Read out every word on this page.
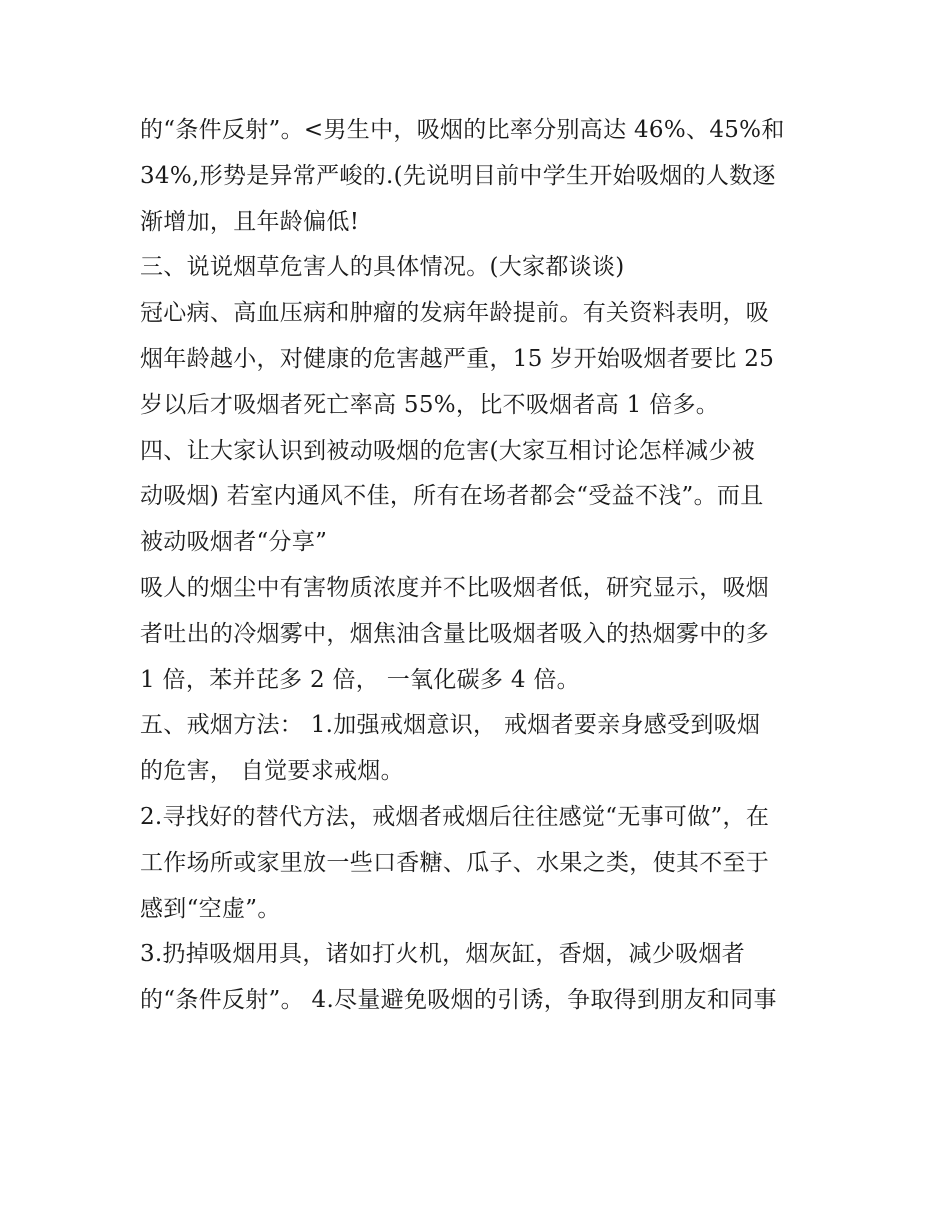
的“条件反射”。<男生中，吸烟的比率分别高达 46%、45%和
34%,形势是异常严峻的.(先说明目前中学生开始吸烟的人数逐
渐增加，且年龄偏低!
三、说说烟草危害人的具体情况。(大家都谈谈)
冠心病、高血压病和肿瘤的发病年龄提前。有关资料表明，吸
烟年龄越小，对健康的危害越严重，15 岁开始吸烟者要比 25
岁以后才吸烟者死亡率高 55%，比不吸烟者高 1 倍多。
四、让大家认识到被动吸烟的危害(大家互相讨论怎样减少被
动吸烟) 若室内通风不佳，所有在场者都会“受益不浅”。而且
被动吸烟者“分享”
吸人的烟尘中有害物质浓度并不比吸烟者低，研究显示，吸烟
者吐出的冷烟雾中，烟焦油含量比吸烟者吸入的热烟雾中的多
1 倍，苯并芘多 2 倍， 一氧化碳多 4 倍。
五、戒烟方法： 1.加强戒烟意识， 戒烟者要亲身感受到吸烟
的危害， 自觉要求戒烟。
2.寻找好的替代方法，戒烟者戒烟后往往感觉“无事可做”，在
工作场所或家里放一些口香糖、瓜子、水果之类，使其不至于
感到“空虚”。
3.扔掉吸烟用具，诸如打火机，烟灰缸，香烟，减少吸烟者
的“条件反射”。 4.尽量避免吸烟的引诱，争取得到朋友和同事
